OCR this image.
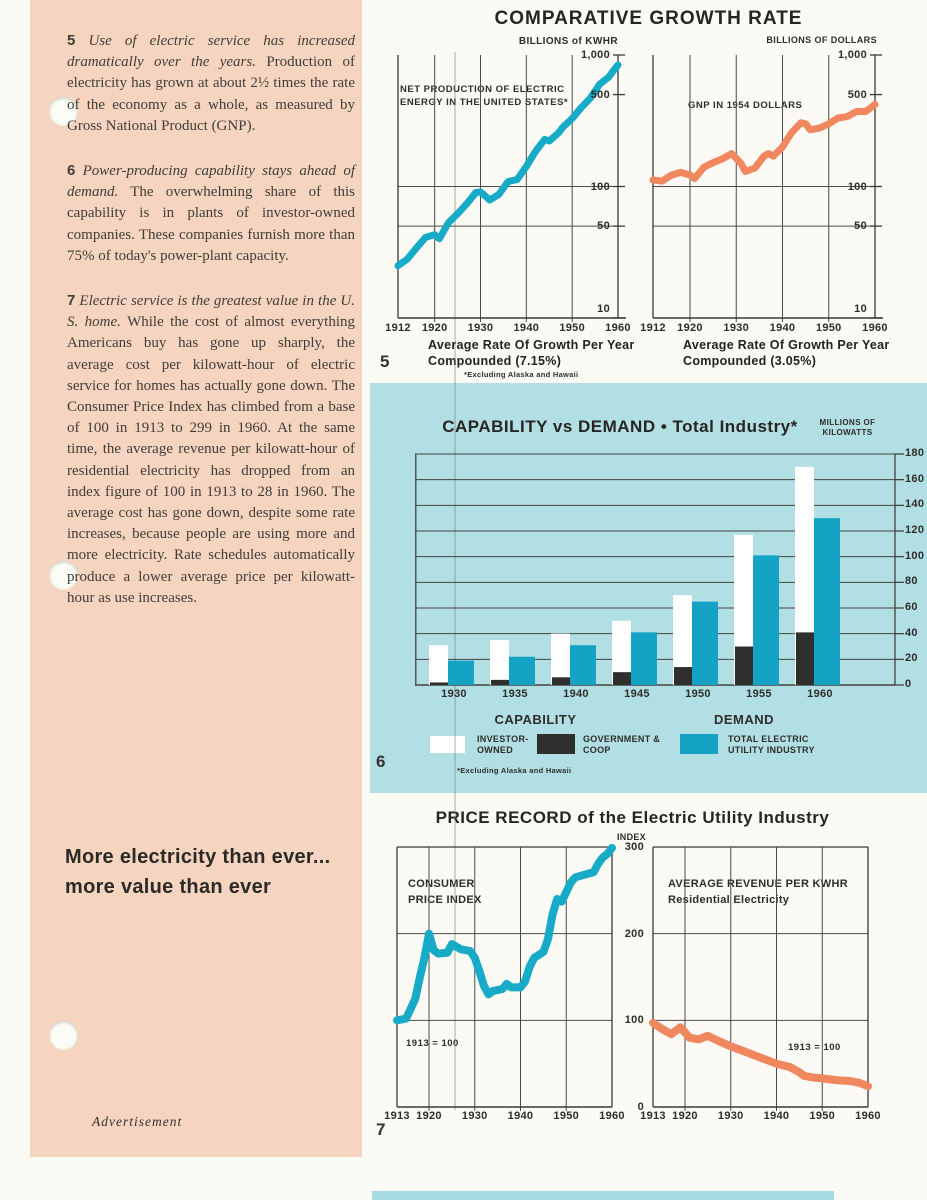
5 Use of electric service has increased dramatically over the years. Production of electricity has grown at about 2½ times the rate of the economy as a whole, as measured by Gross National Product (GNP).

6 Power-producing capability stays ahead of demand. The overwhelming share of this capability is in plants of investor-owned companies. These companies furnish more than 75% of today's power-plant capacity.

7 Electric service is the greatest value in the U. S. home. While the cost of almost everything Americans buy has gone up sharply, the average cost per kilowatt-hour of electric service for homes has actually gone down. The Consumer Price Index has climbed from a base of 100 in 1913 to 299 in 1960. At the same time, the average revenue per kilowatt-hour of residential electricity has dropped from an index figure of 100 in 1913 to 28 in 1960. The average cost has gone down, despite some rate increases, because people are using more and more electricity. Rate schedules automatically produce a lower average price per kilowatt-hour as use increases.

More electricity than ever...
more value than ever
Advertisement
COMPARATIVE GROWTH RATE
BILLIONS of KWHR	BILLIONS OF DOLLARS
NET PRODUCTION OF ELECTRIC
ENERGY IN THE UNITED STATES*	GNP IN 1954 DOLLARS
Average Rate Of Growth Per Year
Compounded (7.15%)
*Excluding Alaska and Hawaii
5
Average Rate Of Growth Per Year
Compounded (3.05%)
CAPABILITY vs DEMAND • Total Industry*	MILLIONS OF
KILOWATTS
CAPABILITY	DEMAND
INVESTOR-
OWNED
GOVERNMENT &
COOP
TOTAL ELECTRIC
UTILITY INDUSTRY
*Excluding Alaska and Hawaii
6
PRICE RECORD of the Electric Utility Industry
INDEX
CONSUMER
PRICE INDEX
1913 = 100
AVERAGE REVENUE PER KWHR
Residential Electricity
1913 = 100
7
1912 1920	1930	1940	1950	1960
1,000
500
100
50
10
1912	1920	1930	1940	1950	1960
1,000
500
100
50
10
1913 1920	1930	1940	1950	1960
300
200
100
0
1913 1920	1930	1940	1950	1960
0
20
40
60
80
100
120
140
160
180
1930	1935	1940	1945	1950	1955	1960
